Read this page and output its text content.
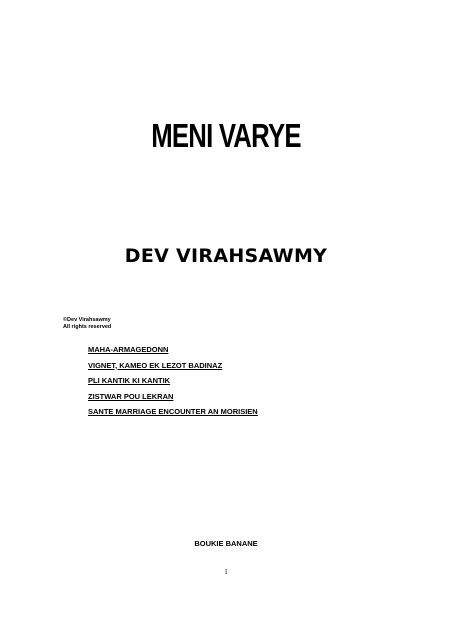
MENI VARYE
DEV VIRAHSAWMY
©Dev Virahsawmy
All rights reserved
MAHA-ARMAGEDONN
VIGNET, KAMEO EK LEZOT BADINAZ
PLI KANTIK KI KANTIK
ZISTWAR POU LEKRAN
SANTE MARRIAGE ENCOUNTER AN MORISIEN
BOUKIE BANANE
1
